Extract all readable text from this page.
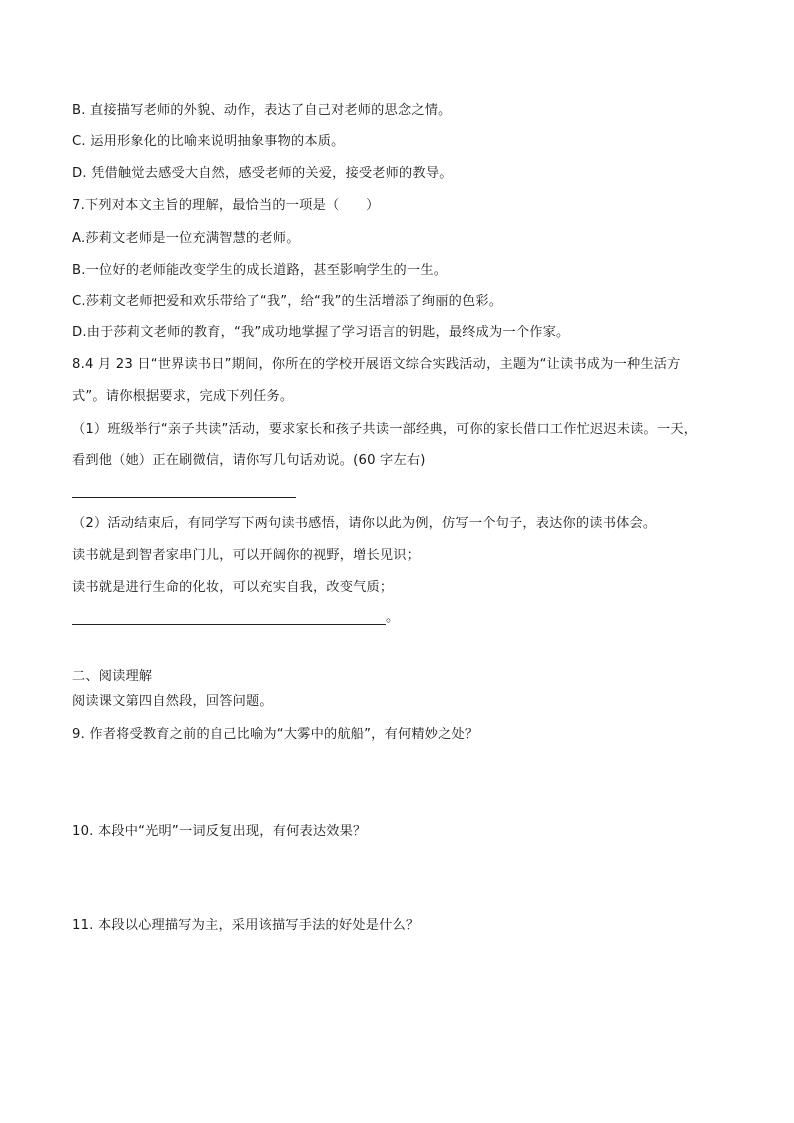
B. 直接描写老师的外貌、动作，表达了自己对老师的思念之情。
C. 运用形象化的比喻来说明抽象事物的本质。
D. 凭借触觉去感受大自然，感受老师的关爱，接受老师的教导。
7.下列对本文主旨的理解，最恰当的一项是（　　）
A.莎莉文老师是一位充满智慧的老师。
B.一位好的老师能改变学生的成长道路，甚至影响学生的一生。
C.莎莉文老师把爱和欢乐带给了“我”，给“我”的生活增添了绚丽的色彩。
D.由于莎莉文老师的教育，“我”成功地掌握了学习语言的钥匙，最终成为一个作家。
8.4 月 23 日“世界读书日”期间，你所在的学校开展语文综合实践活动，主题为“让读书成为一种生活方
式”。请你根据要求，完成下列任务。
（1）班级举行“亲子共读”活动，要求家长和孩子共读一部经典，可你的家长借口工作忙迟迟未读。一天，
看到他（她）正在刷微信，请你写几句话劝说。(60 字左右)
（2）活动结束后，有同学写下两句读书感悟，请你以此为例，仿写一个句子，表达你的读书体会。
读书就是到智者家串门儿，可以开阔你的视野，增长见识；
读书就是进行生命的化妆，可以充实自我，改变气质；
。
二、阅读理解
阅读课文第四自然段，回答问题。
9. 作者将受教育之前的自己比喻为“大雾中的航船”，有何精妙之处？
10. 本段中“光明”一词反复出现，有何表达效果？
11. 本段以心理描写为主，采用该描写手法的好处是什么？
